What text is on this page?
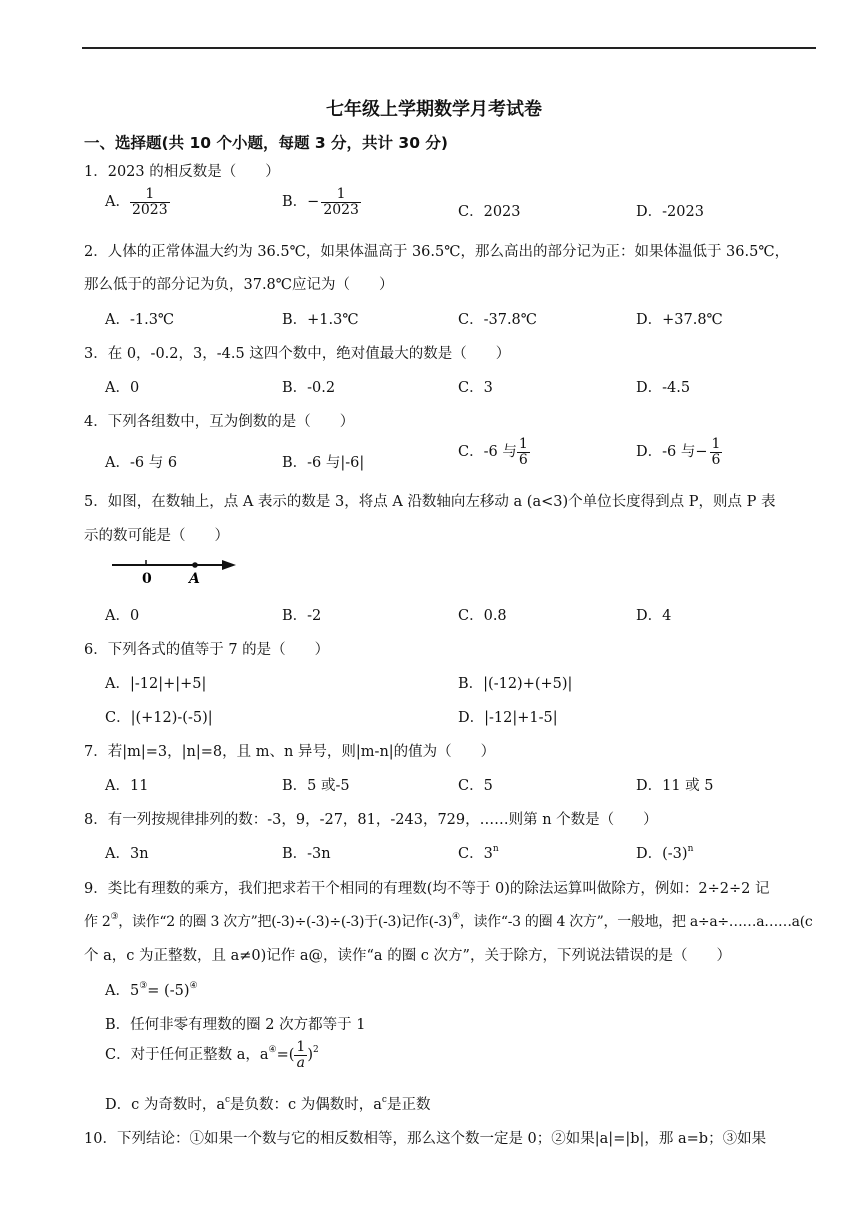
七年级上学期数学月考试卷
一、选择题(共 10 个小题，每题 3 分，共计 30 分)
1．2023 的相反数是（　　）
A． $\frac{1}{2023}$	B．− $\frac{1}{2023}$	C．2023	D．-2023
2．人体的正常体温大约为 36.5℃，如果体温高于 36.5℃，那么高出的部分记为正：如果体温低于 36.5℃，
那么低于的部分记为负，37.8℃应记为（　　）
A．-1.3℃	B．+1.3℃	C．-37.8℃	D．+37.8℃
3．在 0，-0.2，3，-4.5 这四个数中，绝对值最大的数是（　　）
A．0	B．-0.2	C．3	D．-4.5
4．下列各组数中，互为倒数的是（　　）
A．-6 与 6	B．-6 与|-6|
C．-6 与 $\frac{1}{6}$	D．-6 与− $\frac{1}{6}$
5．如图，在数轴上，点 A 表示的数是 3，将点 A 沿数轴向左移动 a (a<3)个单位长度得到点 P，则点 P 表
示的数可能是（　　）
0	A
A．0	B．-2	C．0.8	D．4
6．下列各式的值等于 7 的是（　　）
A．|-12|+|+5|	B．|(-12)+(+5)|
C．|(+12)-(-5)|	D．|-12|+1-5|
7．若|m|=3，|n|=8，且 m、n 异号，则|m-n|的值为（　　）
A．11	B．5 或-5	C．5	D．11 或 5
8．有一列按规律排列的数：-3，9，-27，81，-243，729，……则第 n 个数是（　　）
A．3n	B．-3n	C．3$^n$	D．$(-3)^n$
9．类比有理数的乘方，我们把求若干个相同的有理数(均不等于 0)的除法运算叫做除方，例如：2÷2÷2 记
作 2③，读作“2 的圈 3 次方”把(-3)÷(-3)÷(-3)于(-3)记作(-3)④，读作“-3 的圈 4 次方”，一般地，把 a÷a÷……a……a(c
个 a，c 为正整数，且 a≠0)记作 a@，读作“a 的圈 c 次方”，关于除方，下列说法错误的是（　　）
A．5③= (-5)④
B．任何非零有理数的圈 2 次方都等于 1
C．对于任何正整数 a，$a^④=( \frac{1}{a} )^2$
D．c 为奇数时，$a^c$是负数：c 为偶数时，$a^c$是正数
10．下列结论：①如果一个数与它的相反数相等，那么这个数一定是 0；②如果|a|=|b|，那 a=b；③如果
